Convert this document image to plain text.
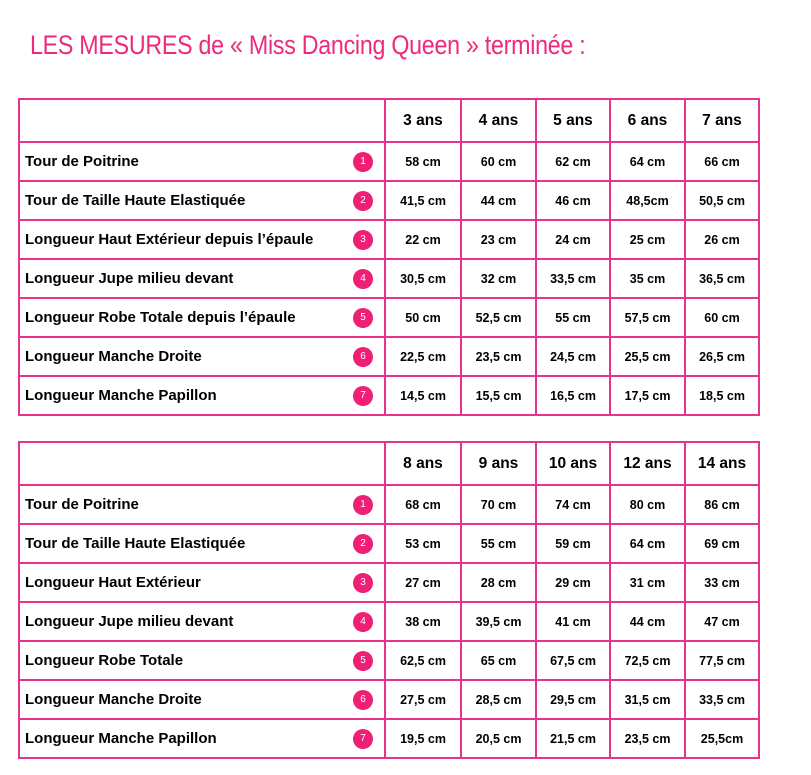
LES MESURES de « Miss Dancing Queen » terminée :
	3 ans	4 ans	5 ans	6 ans	7 ans
Tour de Poitrine 1	58 cm	60 cm	62 cm	64 cm	66 cm
Tour de Taille Haute Elastiquée 2	41,5 cm	44 cm	46 cm	48,5cm	50,5 cm
Longueur Haut Extérieur depuis l’épaule 3	22 cm	23 cm	24 cm	25 cm	26 cm
Longueur Jupe milieu devant 4	30,5 cm	32 cm	33,5 cm	35 cm	36,5 cm
Longueur Robe Totale depuis l’épaule 5	50 cm	52,5 cm	55 cm	57,5 cm	60 cm
Longueur Manche Droite 6	22,5 cm	23,5 cm	24,5 cm	25,5 cm	26,5 cm
Longueur Manche Papillon 7	14,5 cm	15,5 cm	16,5 cm	17,5 cm	18,5 cm
	8 ans	9 ans	10 ans	12 ans	14 ans
Tour de Poitrine 1	68 cm	70 cm	74 cm	80 cm	86 cm
Tour de Taille Haute Elastiquée 2	53 cm	55 cm	59 cm	64 cm	69 cm
Longueur Haut Extérieur 3	27 cm	28 cm	29 cm	31 cm	33 cm
Longueur Jupe milieu devant 4	38 cm	39,5 cm	41 cm	44 cm	47 cm
Longueur Robe Totale 5	62,5 cm	65 cm	67,5 cm	72,5 cm	77,5 cm
Longueur Manche Droite 6	27,5 cm	28,5 cm	29,5 cm	31,5 cm	33,5 cm
Longueur Manche Papillon 7	19,5 cm	20,5 cm	21,5 cm	23,5 cm	25,5cm
